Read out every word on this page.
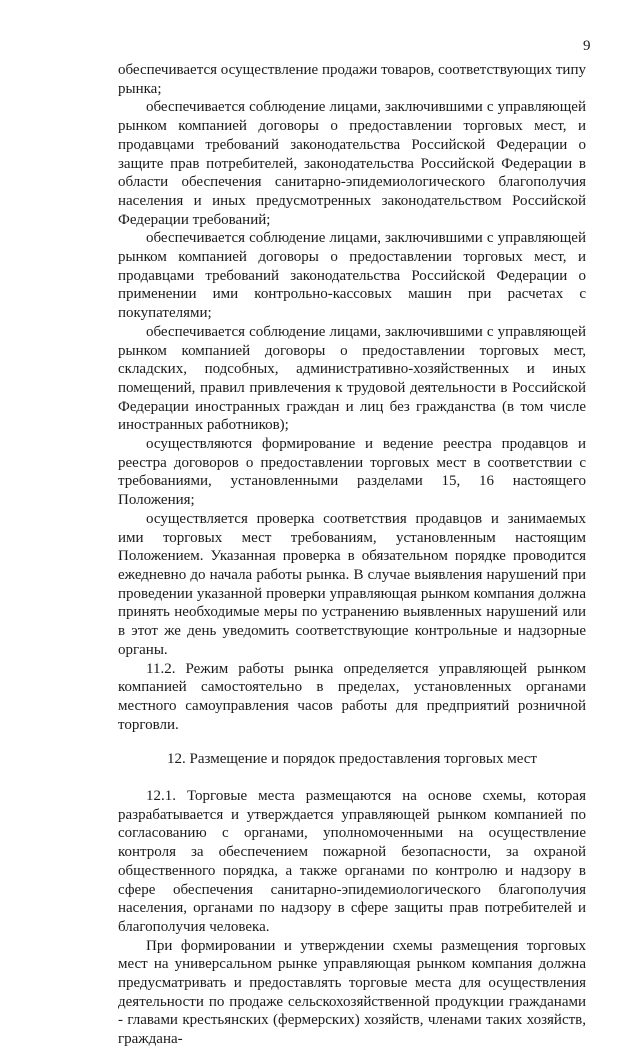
9

обеспечивается осуществление продажи товаров, соответствующих типу рынка;

обеспечивается соблюдение лицами, заключившими с управляющей рынком компанией договоры о предоставлении торговых мест, и продавцами требований законодательства Российской Федерации о защите прав потребителей, законодательства Российской Федерации в области обеспечения санитарно-эпидемиологического благополучия населения и иных предусмотренных законодательством Российской Федерации требований;

обеспечивается соблюдение лицами, заключившими с управляющей рынком компанией договоры о предоставлении торговых мест, и продавцами требований законодательства Российской Федерации о применении ими контрольно-кассовых машин при расчетах с покупателями;

обеспечивается соблюдение лицами, заключившими с управляющей рынком компанией договоры о предоставлении торговых мест, складских, подсобных, административно-хозяйственных и иных помещений, правил привлечения к трудовой деятельности в Российской Федерации иностранных граждан и лиц без гражданства (в том числе иностранных работников);

осуществляются формирование и ведение реестра продавцов и реестра договоров о предоставлении торговых мест в соответствии с требованиями, установленными разделами 15, 16 настоящего Положения;

осуществляется проверка соответствия продавцов и занимаемых ими торговых мест требованиям, установленным настоящим Положением. Указанная проверка в обязательном порядке проводится ежедневно до начала работы рынка. В случае выявления нарушений при проведении указанной проверки управляющая рынком компания должна принять необходимые меры по устранению выявленных нарушений или в этот же день уведомить соответствующие контрольные и надзорные органы.

11.2. Режим работы рынка определяется управляющей рынком компанией самостоятельно в пределах, установленных органами местного самоуправления часов работы для предприятий розничной торговли.

12. Размещение и порядок предоставления торговых мест

12.1. Торговые места размещаются на основе схемы, которая разрабатывается и утверждается управляющей рынком компанией по согласованию с органами, уполномоченными на осуществление контроля за обеспечением пожарной безопасности, за охраной общественного порядка, а также органами по контролю и надзору в сфере обеспечения санитарно-эпидемиологического благополучия населения, органами по надзору в сфере защиты прав потребителей и благополучия человека.

При формировании и утверждении схемы размещения торговых мест на универсальном рынке управляющая рынком компания должна предусматривать и предоставлять торговые места для осуществления деятельности по продаже сельскохозяйственной продукции гражданами - главами крестьянских (фермерских) хозяйств, членами таких хозяйств, граждана-
